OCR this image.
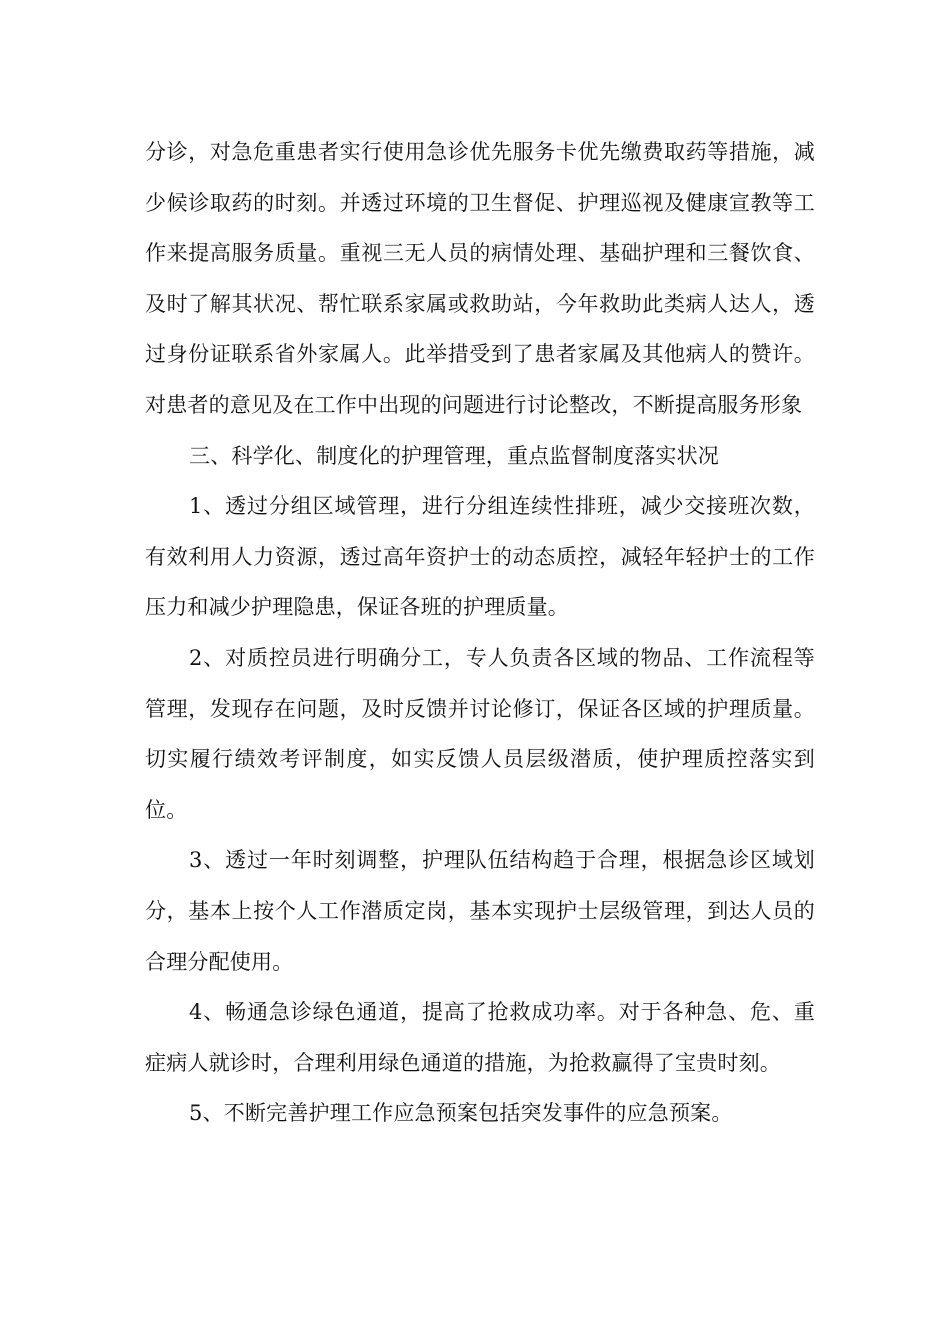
分诊，对急危重患者实行使用急诊优先服务卡优先缴费取药等措施，减少候诊取药的时刻。并透过环境的卫生督促、护理巡视及健康宣教等工作来提高服务质量。重视三无人员的病情处理、基础护理和三餐饮食、及时了解其状况、帮忙联系家属或救助站，今年救助此类病人达人，透过身份证联系省外家属人。此举措受到了患者家属及其他病人的赞许。对患者的意见及在工作中出现的问题进行讨论整改，不断提高服务形象

三、科学化、制度化的护理管理，重点监督制度落实状况

1、透过分组区域管理，进行分组连续性排班，减少交接班次数，有效利用人力资源，透过高年资护士的动态质控，减轻年轻护士的工作压力和减少护理隐患，保证各班的护理质量。

2、对质控员进行明确分工，专人负责各区域的物品、工作流程等管理，发现存在问题，及时反馈并讨论修订，保证各区域的护理质量。切实履行绩效考评制度，如实反馈人员层级潜质，使护理质控落实到位。

3、透过一年时刻调整，护理队伍结构趋于合理，根据急诊区域划分，基本上按个人工作潜质定岗，基本实现护士层级管理，到达人员的合理分配使用。

4、畅通急诊绿色通道，提高了抢救成功率。对于各种急、危、重症病人就诊时，合理利用绿色通道的措施，为抢救赢得了宝贵时刻。

5、不断完善护理工作应急预案包括突发事件的应急预案。
